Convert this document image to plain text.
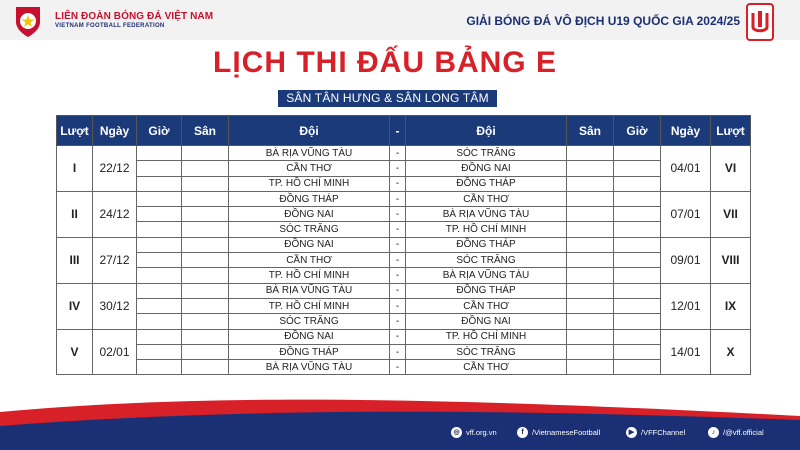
LIÊN ĐOÀN BÓNG ĐÁ VIỆT NAM
VIETNAM FOOTBALL FEDERATION	GIẢI BÓNG ĐÁ VÔ ĐỊCH U19 QUỐC GIA 2024/25
LỊCH THI ĐẤU BẢNG E
SÂN TÂN HƯNG & SÂN LONG TÂM
Lượt	Ngày	Giờ	Sân	Đội	-	Đội	Sân	Giờ	Ngày	Lượt
I	22/12			BÀ RỊA VŨNG TÀU	-	SÓC TRĂNG			04/01	VI
				CẦN THƠ	-	ĐỒNG NAI				
				TP. HỒ CHÍ MINH	-	ĐỒNG THÁP				
II	24/12			ĐỒNG THÁP	-	CẦN THƠ			07/01	VII
				ĐỒNG NAI	-	BÀ RỊA VŨNG TÀU				
				SÓC TRĂNG	-	TP. HỒ CHÍ MINH				
III	27/12			ĐỒNG NAI	-	ĐỒNG THÁP			09/01	VIII
				CẦN THƠ	-	SÓC TRĂNG				
				TP. HỒ CHÍ MINH	-	BÀ RỊA VŨNG TÀU				
IV	30/12			BÀ RỊA VŨNG TÀU	-	ĐỒNG THÁP			12/01	IX
				TP. HỒ CHÍ MINH	-	CẦN THƠ				
				SÓC TRĂNG	-	ĐỒNG NAI				
V	02/01			ĐỒNG NAI	-	TP. HỒ CHÍ MINH			14/01	X
				ĐỒNG THÁP	-	SÓC TRĂNG				
				BÀ RỊA VŨNG TÀU	-	CẦN THƠ				
◎ vff.org.vn	f	/VietnameseFootball	▶ /VFFChannel	♪	/@vff.official
